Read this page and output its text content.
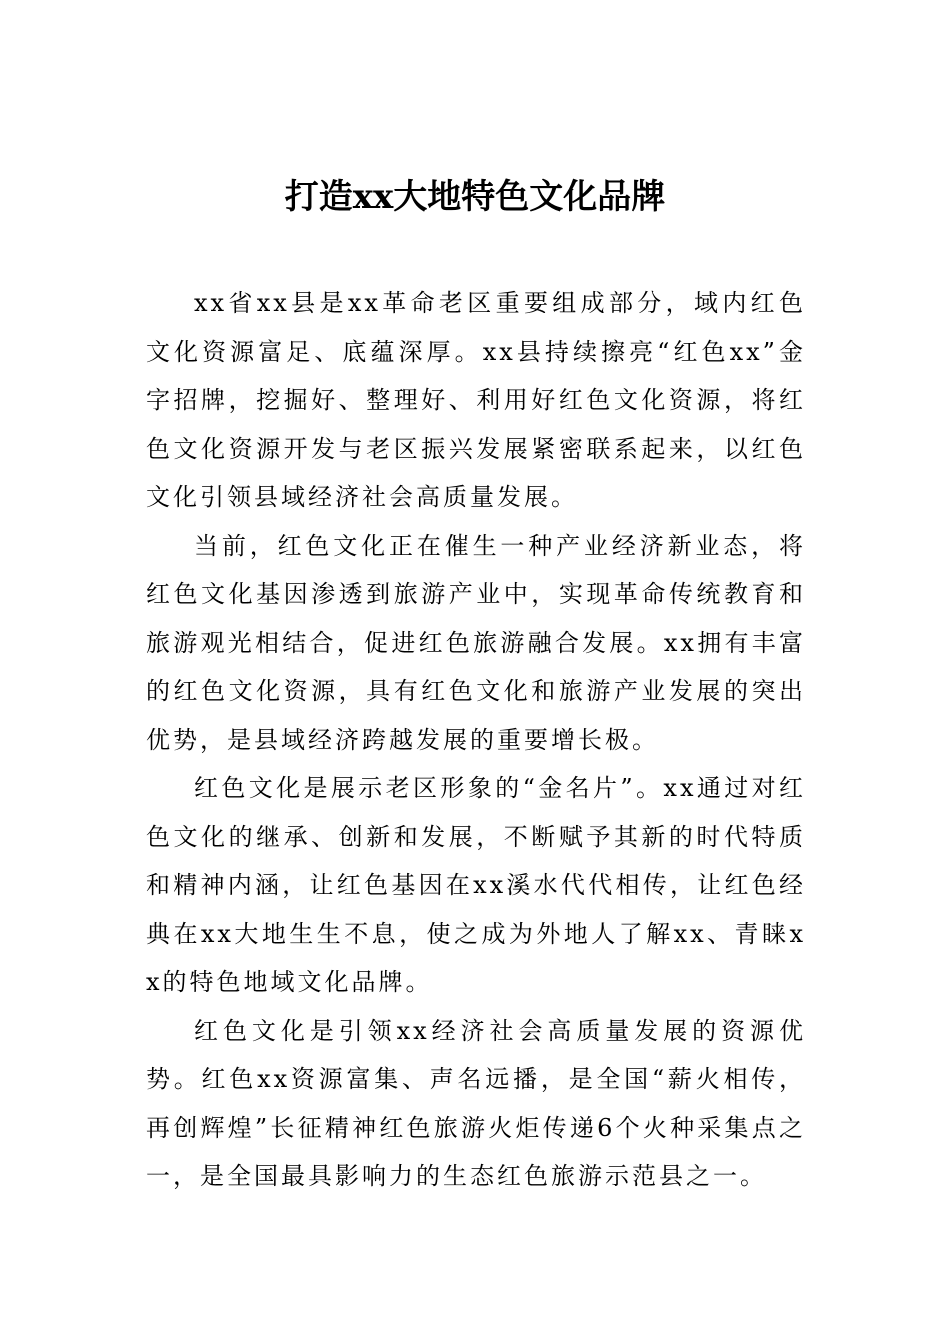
打造xx大地特色文化品牌

xx省xx县是xx革命老区重要组成部分，域内红色文化资源富足、底蕴深厚。xx县持续擦亮“红色xx”金字招牌，挖掘好、整理好、利用好红色文化资源，将红色文化资源开发与老区振兴发展紧密联系起来，以红色文化引领县域经济社会高质量发展。

当前，红色文化正在催生一种产业经济新业态，将红色文化基因渗透到旅游产业中，实现革命传统教育和旅游观光相结合，促进红色旅游融合发展。xx拥有丰富的红色文化资源，具有红色文化和旅游产业发展的突出优势，是县域经济跨越发展的重要增长极。

红色文化是展示老区形象的“金名片”。xx通过对红色文化的继承、创新和发展，不断赋予其新的时代特质和精神内涵，让红色基因在xx溪水代代相传，让红色经典在xx大地生生不息，使之成为外地人了解xx、青睐xx的特色地域文化品牌。

红色文化是引领xx经济社会高质量发展的资源优势。红色xx资源富集、声名远播，是全国“薪火相传，再创辉煌”长征精神红色旅游火炬传递6个火种采集点之一，是全国最具影响力的生态红色旅游示范县之一。
